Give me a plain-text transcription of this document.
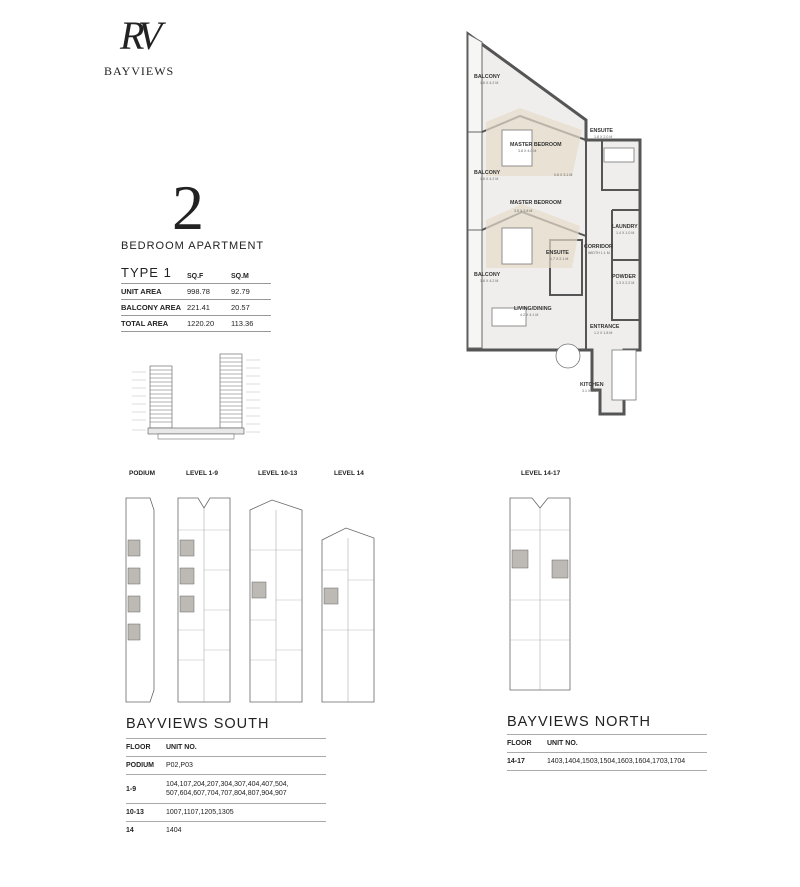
RV
BAYVIEWS
2
BEDROOM APARTMENT
TYPE 1	SQ.F	SQ.M
UNIT AREA	998.78	92.79
BALCONY AREA	221.41	20.57
TOTAL AREA	1220.20	113.36
BALCONY
1.6 X 4.2 M
MASTER BEDROOM
3.8 X 4.0 M
ENSUITE
1.8 X 2.0 M
BALCONY
1.6 X 4.2 M
0.6 X 3.1 M
MASTER BEDROOM
3.5 X 3.8 M
LAUNDRY
1.4 X 1.0 M
ENSUITE
1.7 X 2.1 M
CORRIDOR
WIDTH 1.1 M
BALCONY
1.6 X 4.2 M
POWDER
1.3 X 2.2 M
LIVING/DINING
4.2 X 4.1 M
ENTRANCE
1.2 X 1.8 M
KITCHEN
3.1 X 2.8 M
PODIUM	LEVEL 1-9	LEVEL 10-13	LEVEL 14	LEVEL 14-17
BAYVIEWS SOUTH
FLOOR	UNIT NO.
PODIUM	P02,P03
1-9	104,107,204,207,304,307,404,407,504,
507,604,607,704,707,804,807,904,907
10-13	1007,1107,1205,1305
14	1404
BAYVIEWS NORTH
FLOOR	UNIT NO.
14-17	1403,1404,1503,1504,1603,1604,1703,1704
